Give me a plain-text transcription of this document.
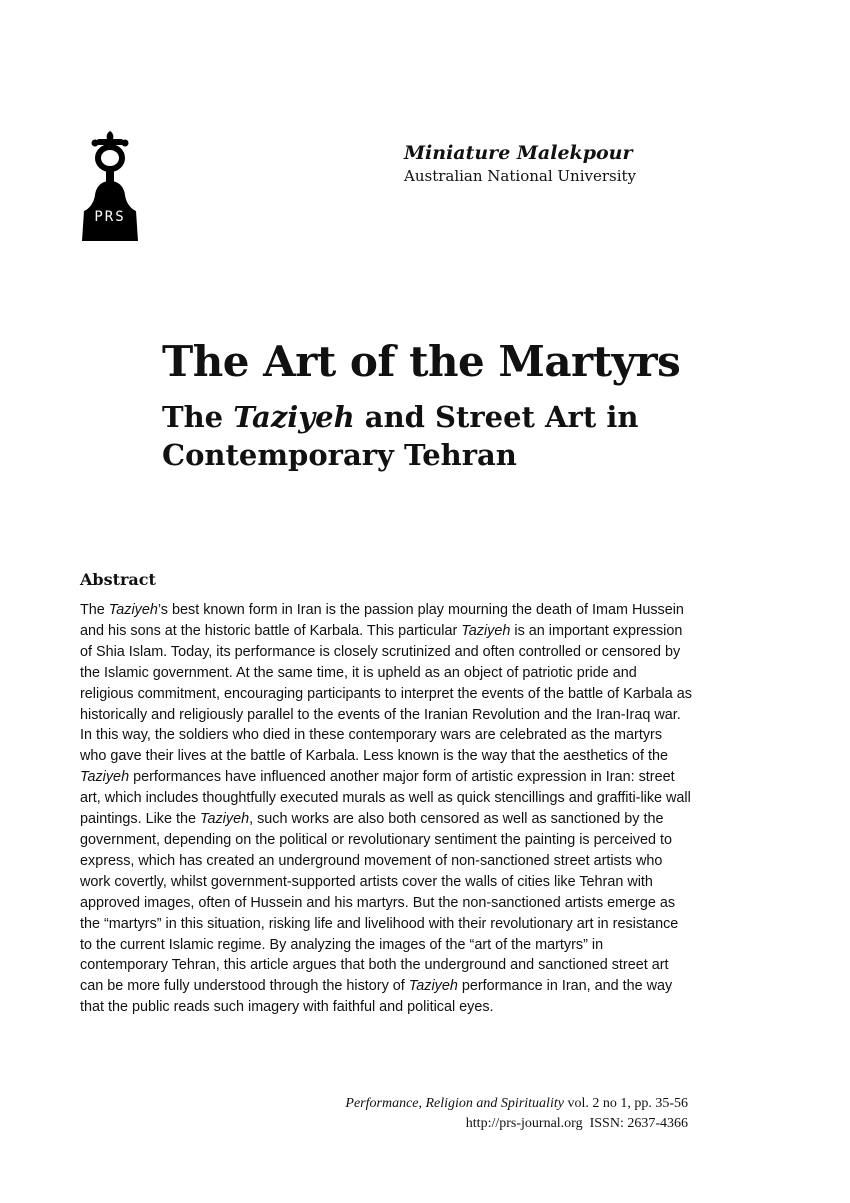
PRS

Miniature Malekpour

Australian National University

The Art of the Martyrs
The Taziyeh and Street Art in Contemporary Tehran
Abstract

The Taziyeh’s best known form in Iran is the passion play mourning the death of Imam Hussein and his sons at the historic battle of Karbala. This particular Taziyeh is an important expression of Shia Islam. Today, its performance is closely scrutinized and often controlled or censored by the Islamic government. At the same time, it is upheld as an object of patriotic pride and religious commitment, encouraging participants to interpret the events of the battle of Karbala as historically and religiously parallel to the events of the Iranian Revolution and the Iran-Iraq war. In this way, the soldiers who died in these contemporary wars are celebrated as the martyrs who gave their lives at the battle of Karbala. Less known is the way that the aesthetics of the Taziyeh performances have influenced another major form of artistic expression in Iran: street art, which includes thoughtfully executed murals as well as quick stencillings and graffiti-like wall paintings. Like the Taziyeh, such works are also both censored as well as sanctioned by the government, depending on the political or revolutionary sentiment the painting is perceived to express, which has created an underground movement of non-sanctioned street artists who work covertly, whilst government-supported artists cover the walls of cities like Tehran with approved images, often of Hussein and his martyrs. But the non-sanctioned artists emerge as the “martyrs” in this situation, risking life and livelihood with their revolutionary art in resistance to the current Islamic regime. By analyzing the images of the “art of the martyrs” in contemporary Tehran, this article argues that both the underground and sanctioned street art can be more fully understood through the history of Taziyeh performance in Iran, and the way that the public reads such imagery with faithful and political eyes.

Performance, Religion and Spirituality vol. 2 no 1, pp. 35-56
http://prs-journal.org  ISSN: 2637-4366
